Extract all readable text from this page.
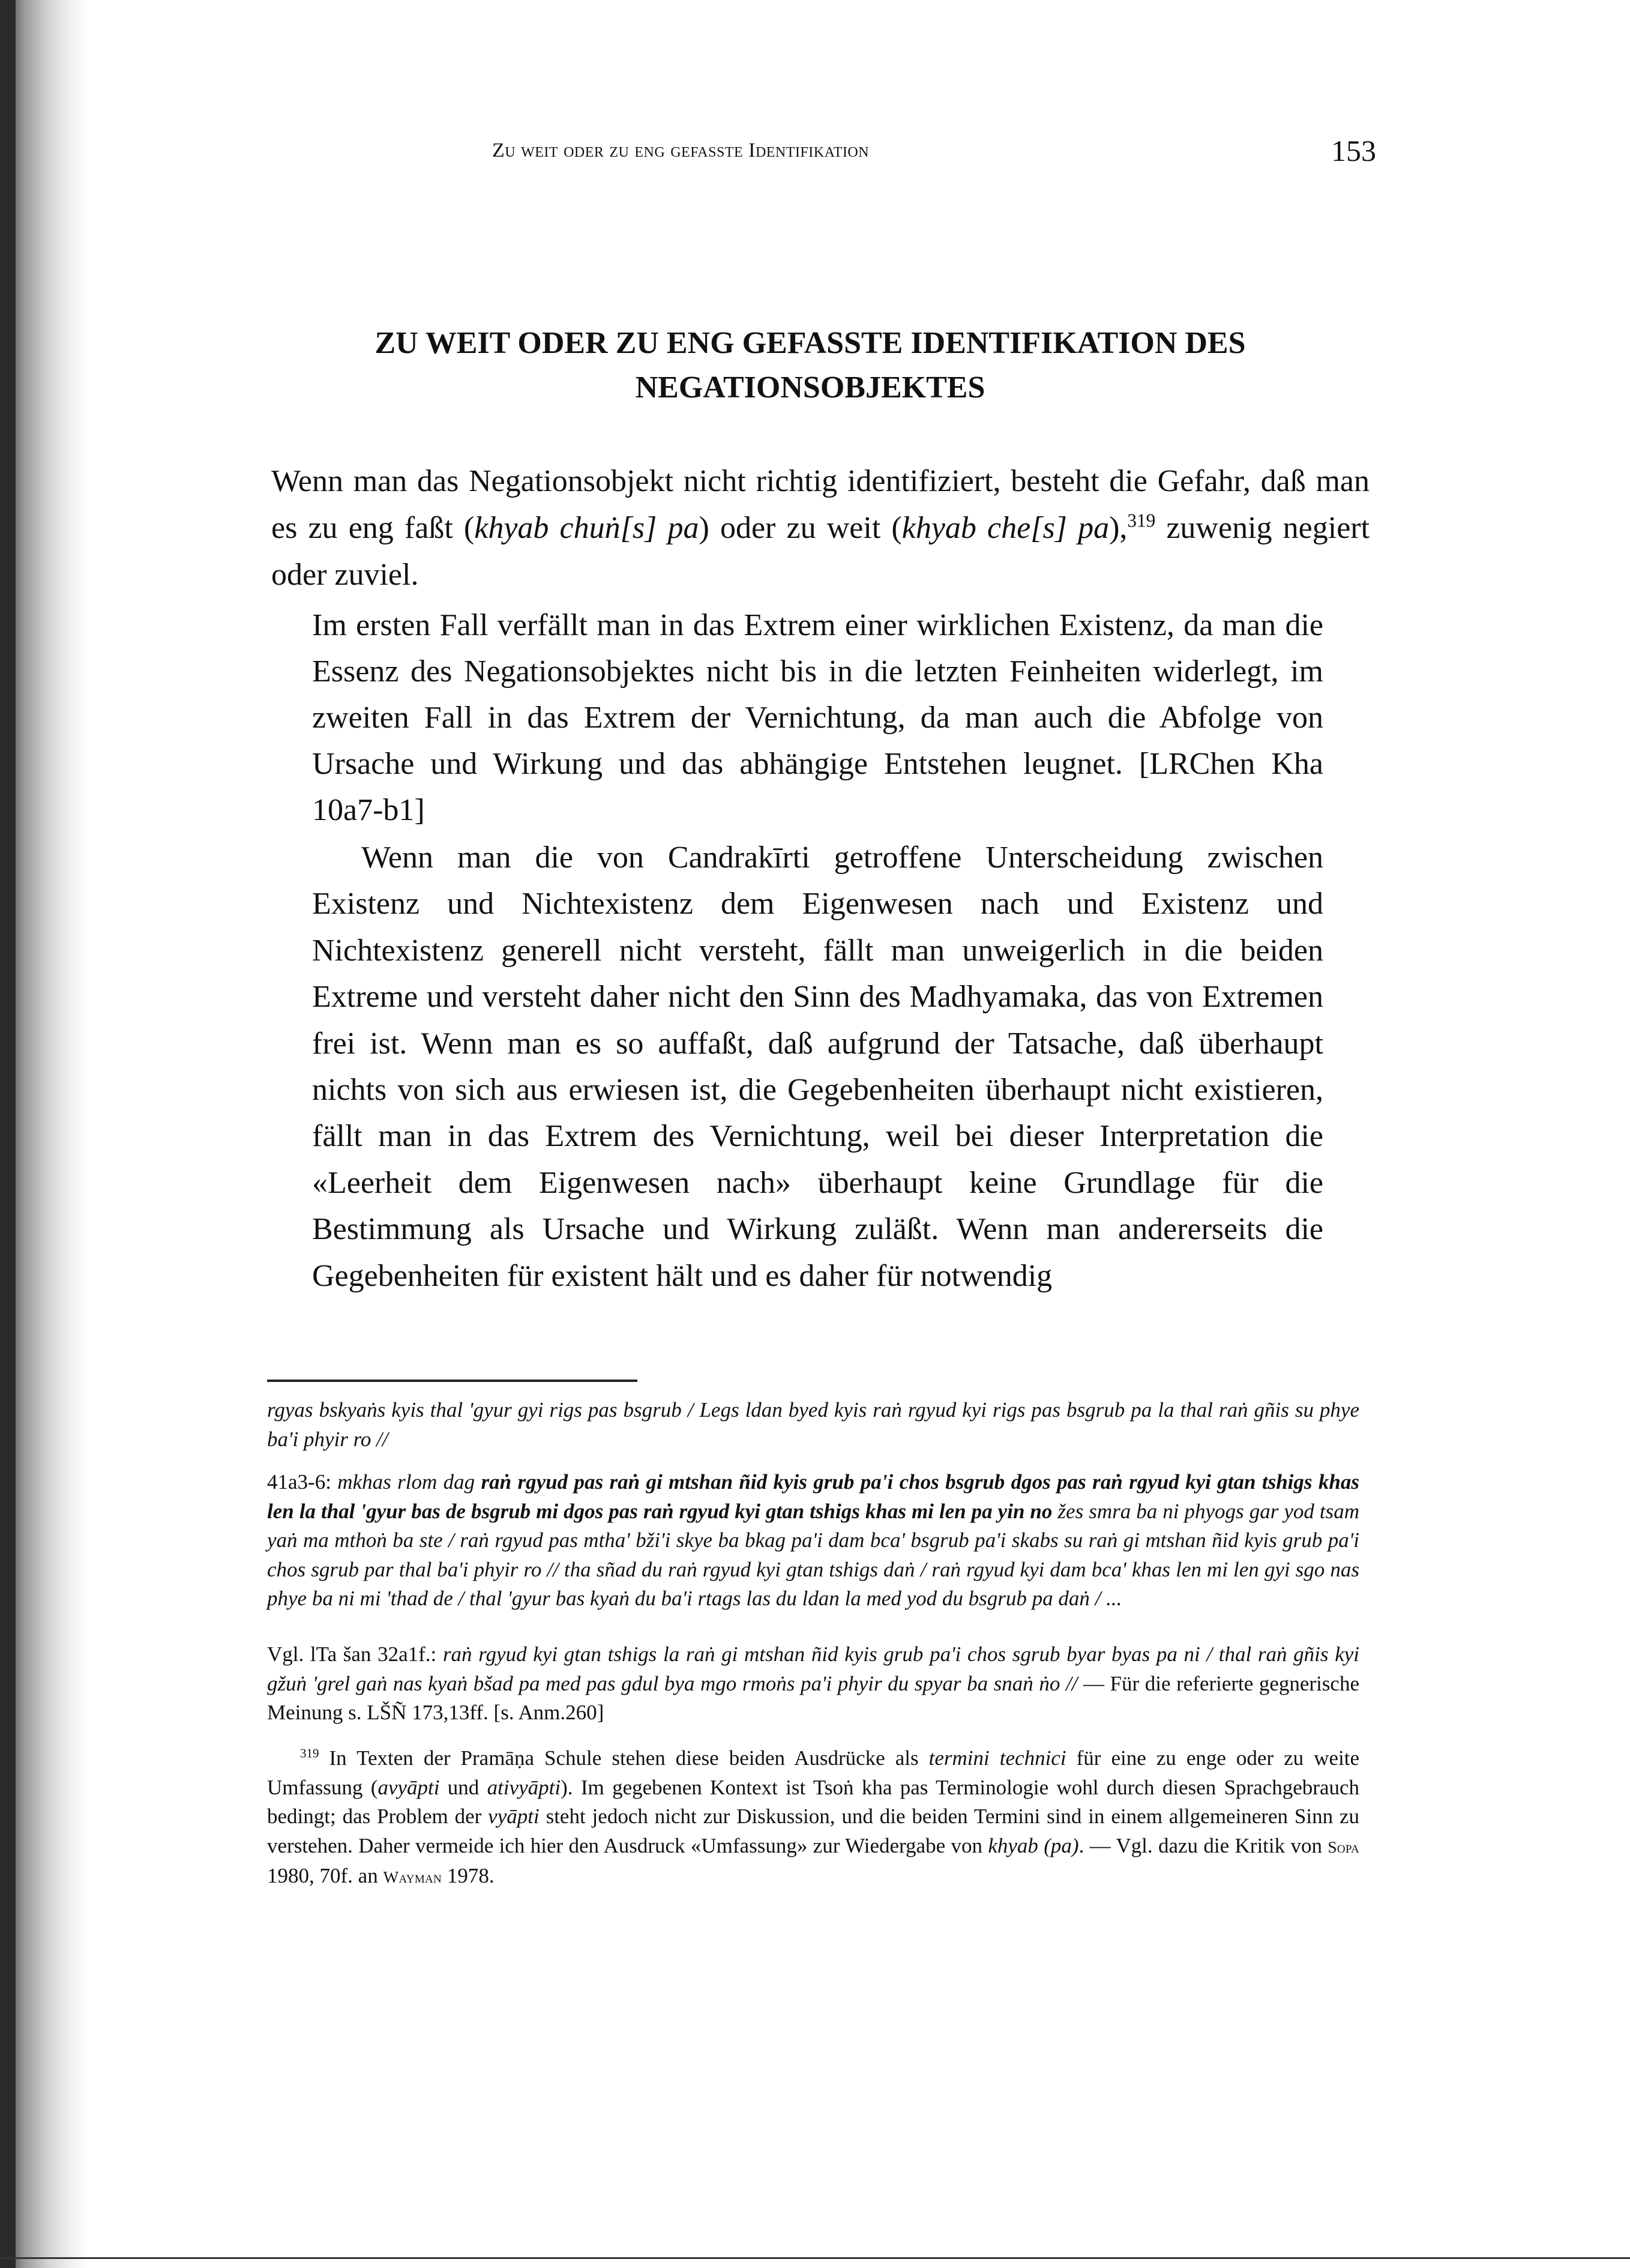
Zu weit oder zu eng gefasste Identifikation	153
ZU WEIT ODER ZU ENG GEFASSTE IDENTIFIKATION DES
NEGATIONSOBJEKTES
Wenn man das Negationsobjekt nicht richtig identifiziert, besteht die Gefahr, daß man es zu eng faßt (khyab chuṅ[s] pa) oder zu weit (khyab che[s] pa),$^{319}$ zuwenig negiert oder zuviel.
Im ersten Fall verfällt man in das Extrem einer wirklichen Existenz, da man die Essenz des Negationsobjektes nicht bis in die letzten Feinheiten widerlegt, im zweiten Fall in das Extrem der Vernichtung, da man auch die Abfolge von Ursache und Wirkung und das abhängige Entstehen leugnet. [LRChen Kha 10a7-b1]
Wenn man die von Candrakīrti getroffene Unterscheidung zwischen Existenz und Nichtexistenz dem Eigenwesen nach und Existenz und Nichtexistenz generell nicht versteht, fällt man unweigerlich in die beiden Extreme und versteht daher nicht den Sinn des Madhyamaka, das von Extremen frei ist. Wenn man es so auffaßt, daß aufgrund der Tatsache, daß überhaupt nichts von sich aus erwiesen ist, die Gegebenheiten überhaupt nicht existieren, fällt man in das Extrem des Vernichtung, weil bei dieser Interpretation die «Leerheit dem Eigenwesen nach» überhaupt keine Grundlage für die Bestimmung als Ursache und Wirkung zuläßt. Wenn man andererseits die Gegebenheiten für existent hält und es daher für notwendig
rgyas bskyaṅs kyis thal 'gyur gyi rigs pas bsgrub / Legs ldan byed kyis raṅ rgyud kyi rigs pas bsgrub pa la thal raṅ gñis su phye ba'i phyir ro //
41a3-6: mkhas rlom dag raṅ rgyud pas raṅ gi mtshan ñid kyis grub pa'i chos bsgrub dgos pas raṅ rgyud kyi gtan tshigs khas len la thal 'gyur bas de bsgrub mi dgos pas raṅ rgyud kyi gtan tshigs khas mi len pa yin no žes smra ba ni phyogs gar yod tsam yaṅ ma mthoṅ ba ste / raṅ rgyud pas mtha' bži'i skye ba bkag pa'i dam bca' bsgrub pa'i skabs su raṅ gi mtshan ñid kyis grub pa'i chos sgrub par thal ba'i phyir ro // tha sñad du raṅ rgyud kyi gtan tshigs daṅ / raṅ rgyud kyi dam bca' khas len mi len gyi sgo nas phye ba ni mi 'thad de / thal 'gyur bas kyaṅ du ba'i rtags las du ldan la med yod du bsgrub pa daṅ / ...
Vgl. lTa šan 32a1f.: raṅ rgyud kyi gtan tshigs la raṅ gi mtshan ñid kyis grub pa'i chos sgrub byar byas pa ni / thal raṅ gñis kyi gžuṅ 'grel gaṅ nas kyaṅ bšad pa med pas gdul bya mgo rmoṅs pa'i phyir du spyar ba snaṅ ṅo // — Für die referierte gegnerische Meinung s. LŠÑ 173,13ff. [s. Anm.260]
$^{319}$ In Texten der Pramāṇa Schule stehen diese beiden Ausdrücke als termini technici für eine zu enge oder zu weite Umfassung (avyāpti und ativyāpti). Im gegebenen Kontext ist Tsoṅ kha pas Terminologie wohl durch diesen Sprachgebrauch bedingt; das Problem der vyāpti steht jedoch nicht zur Diskussion, und die beiden Termini sind in einem allgemeineren Sinn zu verstehen. Daher vermeide ich hier den Ausdruck «Umfassung» zur Wiedergabe von khyab (pa). — Vgl. dazu die Kritik von Sopa 1980, 70f. an Wayman 1978.
